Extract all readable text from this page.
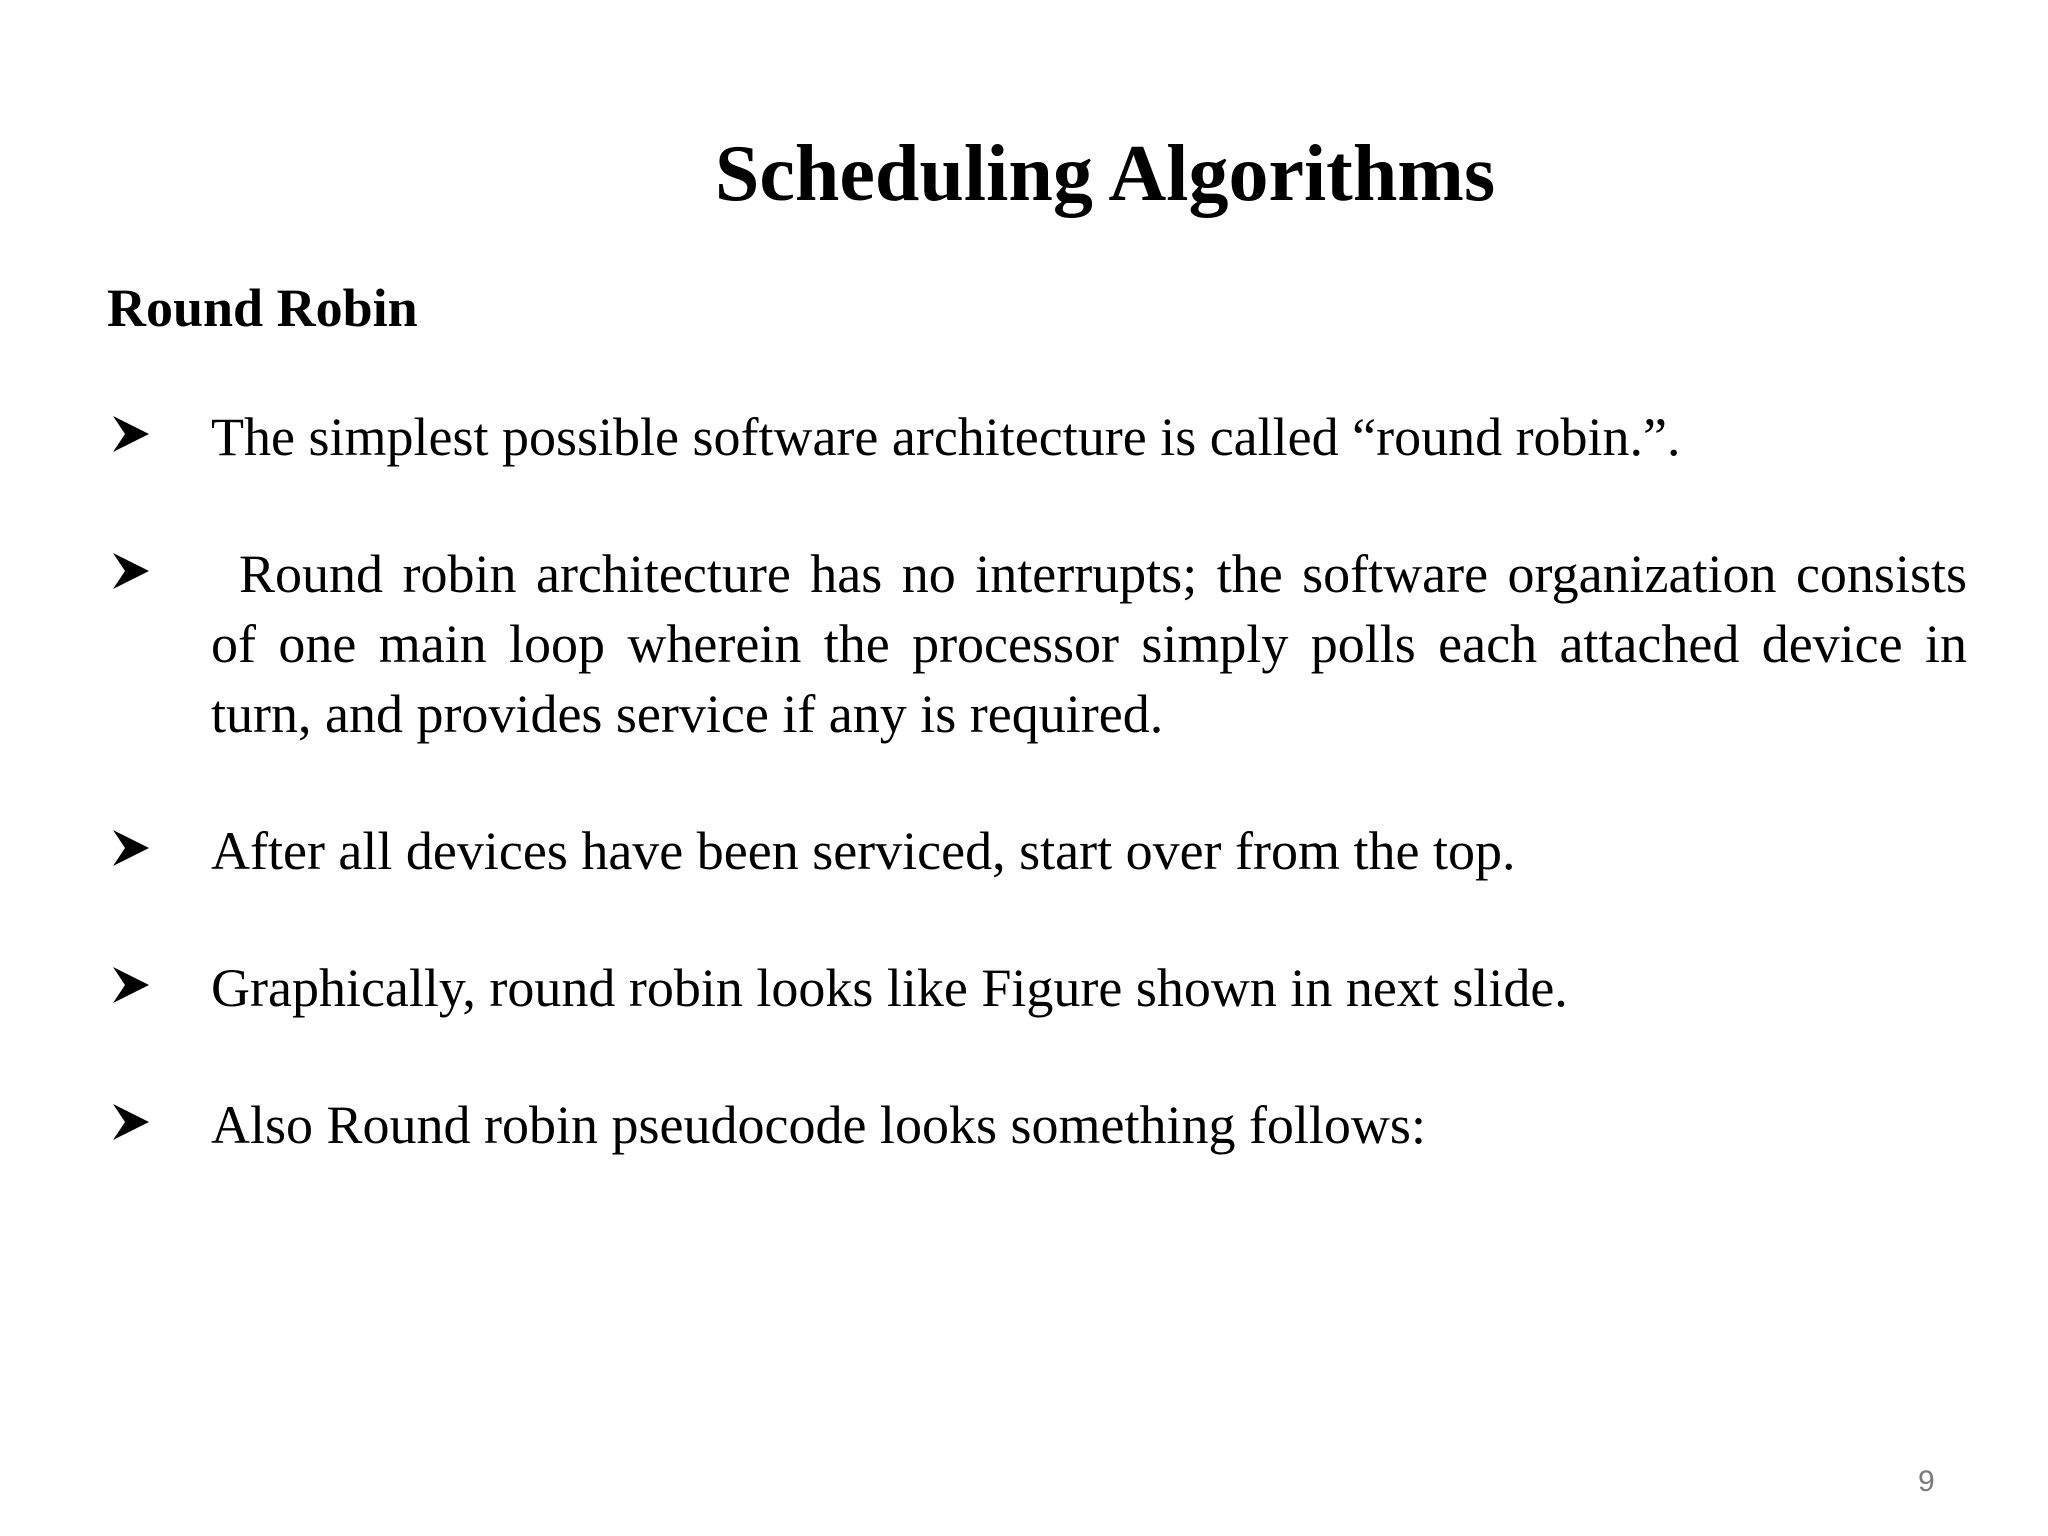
Scheduling Algorithms
Round Robin
The simplest possible software architecture is called “round robin.”.
Round robin architecture has no interrupts; the software organization consists of one main loop wherein the processor simply polls each attached device in turn, and provides service if any is required.
After all devices have been serviced, start over from the top.
Graphically, round robin looks like Figure shown in next slide.
Also Round robin pseudocode looks something follows:
9
